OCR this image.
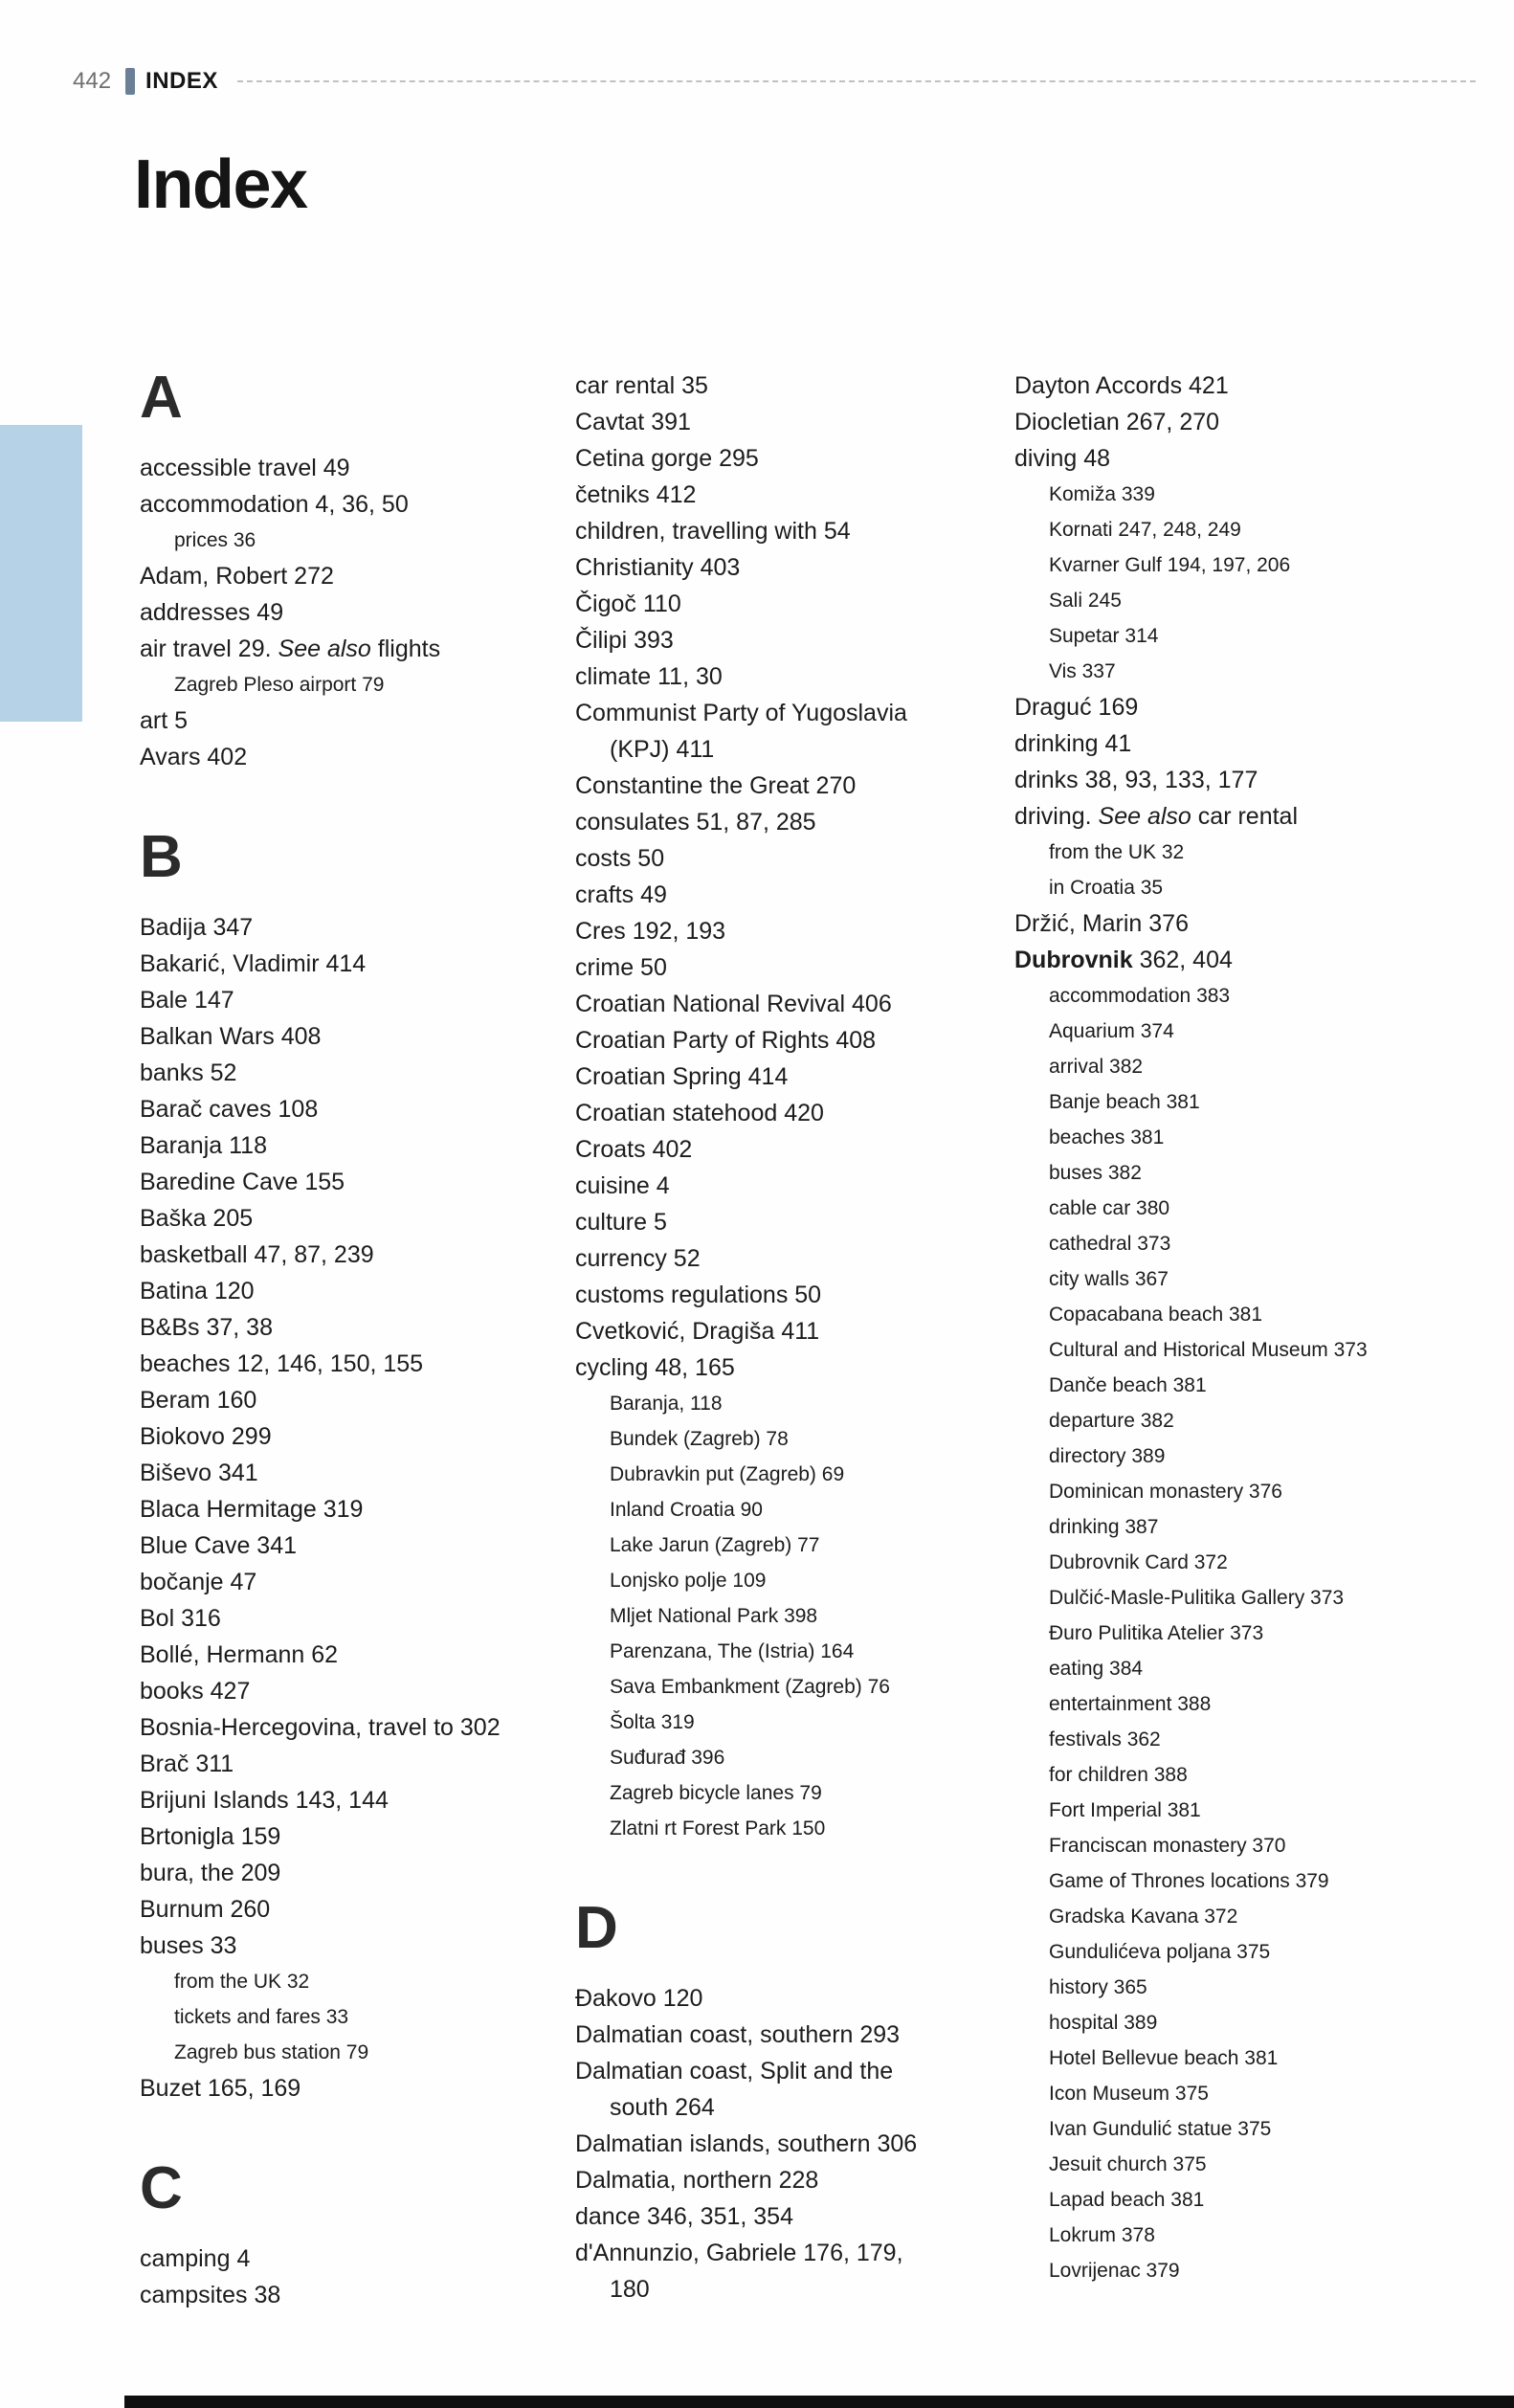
442 INDEX
Index
A
accessible travel 49
accommodation 4, 36, 50
prices 36
Adam, Robert 272
addresses 49
air travel 29. See also flights
Zagreb Pleso airport 79
art 5
Avars 402
B
Badija 347
Bakarić, Vladimir 414
Bale 147
Balkan Wars 408
banks 52
Barač caves 108
Baranja 118
Baredine Cave 155
Baška 205
basketball 47, 87, 239
Batina 120
B&Bs 37, 38
beaches 12, 146, 150, 155
Beram 160
Biokovo 299
Biševo 341
Blaca Hermitage 319
Blue Cave 341
bočanje 47
Bol 316
Bollé, Hermann 62
books 427
Bosnia-Hercegovina, travel to 302
Brač 311
Brijuni Islands 143, 144
Brtonigla 159
bura, the 209
Burnum 260
buses 33
from the UK 32
tickets and fares 33
Zagreb bus station 79
Buzet 165, 169
C
camping 4
campsites 38
car rental 35
Cavtat 391
Cetina gorge 295
četniks 412
children, travelling with 54
Christianity 403
Čigoč 110
Čilipi 393
climate 11, 30
Communist Party of Yugoslavia (KPJ) 411
Constantine the Great 270
consulates 51, 87, 285
costs 50
crafts 49
Cres 192, 193
crime 50
Croatian National Revival 406
Croatian Party of Rights 408
Croatian Spring 414
Croatian statehood 420
Croats 402
cuisine 4
culture 5
currency 52
customs regulations 50
Cvetković, Dragiša 411
cycling 48, 165
Baranja, 118
Bundek (Zagreb) 78
Dubravkin put (Zagreb) 69
Inland Croatia 90
Lake Jarun (Zagreb) 77
Lonjsko polje 109
Mljet National Park 398
Parenzana, The (Istria) 164
Sava Embankment (Zagreb) 76
Šolta 319
Suđurađ 396
Zagreb bicycle lanes 79
Zlatni rt Forest Park 150
D
Đakovo 120
Dalmatian coast, southern 293
Dalmatian coast, Split and the south 264
Dalmatian islands, southern 306
Dalmatia, northern 228
dance 346, 351, 354
d'Annunzio, Gabriele 176, 179, 180
Dayton Accords 421
Diocletian 267, 270
diving 48
Komiža 339
Kornati 247, 248, 249
Kvarner Gulf 194, 197, 206
Sali 245
Supetar 314
Vis 337
Draguć 169
drinking 41
drinks 38, 93, 133, 177
driving. See also car rental
from the UK 32
in Croatia 35
Držić, Marin 376
Dubrovnik 362, 404
accommodation 383
Aquarium 374
arrival 382
Banje beach 381
beaches 381
buses 382
cable car 380
cathedral 373
city walls 367
Copacabana beach 381
Cultural and Historical Museum 373
Danče beach 381
departure 382
directory 389
Dominican monastery 376
drinking 387
Dubrovnik Card 372
Dulčić-Masle-Pulitika Gallery 373
Đuro Pulitika Atelier 373
eating 384
entertainment 388
festivals 362
for children 388
Fort Imperial 381
Franciscan monastery 370
Game of Thrones locations 379
Gradska Kavana 372
Gundulićeva poljana 375
history 365
hospital 389
Hotel Bellevue beach 381
Icon Museum 375
Ivan Gundulić statue 375
Jesuit church 375
Lapad beach 381
Lokrum 378
Lovrijenac 379
